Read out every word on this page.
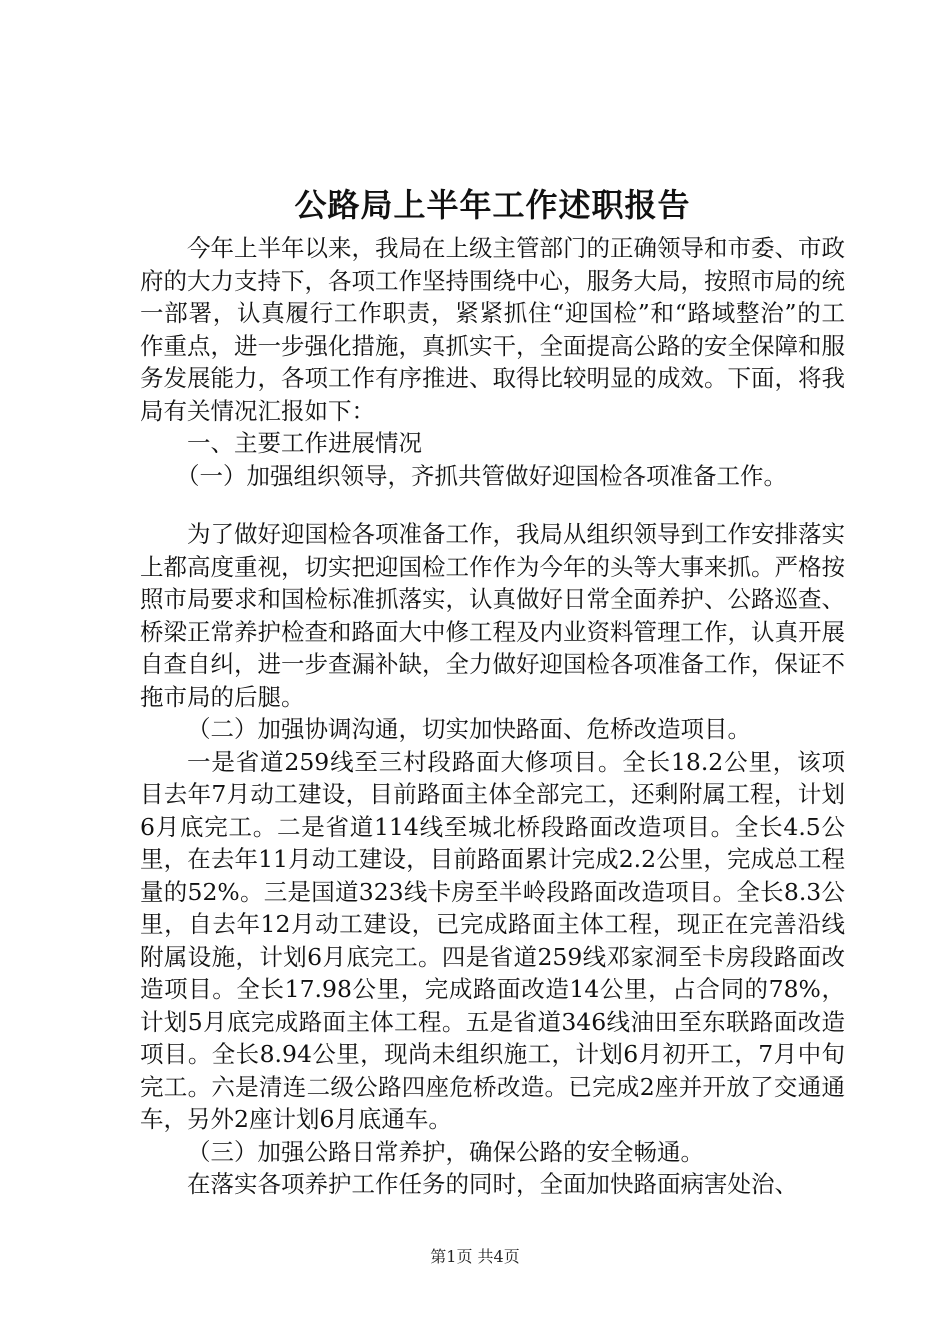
公路局上半年工作述职报告

今年上半年以来，我局在上级主管部门的正确领导和市委、市政府的大力支持下，各项工作坚持围绕中心，服务大局，按照市局的统一部署，认真履行工作职责，紧紧抓住“迎国检”和“路域整治”的工作重点，进一步强化措施，真抓实干，全面提高公路的安全保障和服务发展能力，各项工作有序推进、取得比较明显的成效。下面，将我局有关情况汇报如下：

一、主要工作进展情况

（一）加强组织领导，齐抓共管做好迎国检各项准备工作。

为了做好迎国检各项准备工作，我局从组织领导到工作安排落实上都高度重视，切实把迎国检工作作为今年的头等大事来抓。严格按照市局要求和国检标准抓落实，认真做好日常全面养护、公路巡查、桥梁正常养护检查和路面大中修工程及内业资料管理工作，认真开展自查自纠，进一步查漏补缺，全力做好迎国检各项准备工作，保证不拖市局的后腿。

（二）加强协调沟通，切实加快路面、危桥改造项目。

一是省道259线至三村段路面大修项目。全长18.2公里，该项目去年7月动工建设，目前路面主体全部完工，还剩附属工程，计划6月底完工。二是省道114线至城北桥段路面改造项目。全长4.5公里，在去年11月动工建设，目前路面累计完成2.2公里，完成总工程量的52%。三是国道323线卡房至半岭段路面改造项目。全长8.3公里，自去年12月动工建设，已完成路面主体工程，现正在完善沿线附属设施，计划6月底完工。四是省道259线邓家洞至卡房段路面改造项目。全长17.98公里，完成路面改造14公里，占合同的78%，计划5月底完成路面主体工程。五是省道346线油田至东联路面改造项目。全长8.94公里，现尚未组织施工，计划6月初开工，7月中旬完工。六是清连二级公路四座危桥改造。已完成2座并开放了交通通车，另外2座计划6月底通车。

（三）加强公路日常养护，确保公路的安全畅通。

在落实各项养护工作任务的同时，全面加快路面病害处治、

第1页 共4页
